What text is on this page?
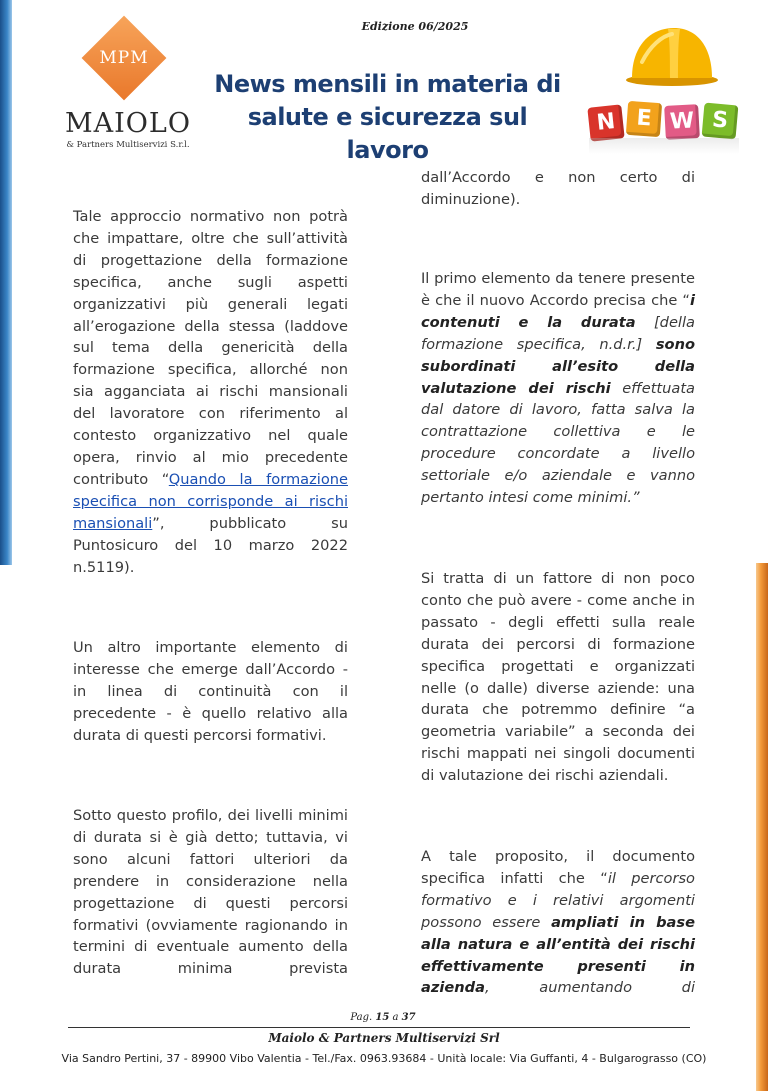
Edizione 06/2025
MPM
MAIOLO
& Partners Multiservizi S.r.l.
News mensili in materia di
salute e sicurezza sul lavoro
N E W S

Tale approccio normativo non potrà che impattare, oltre che sull’attività di progettazione della formazione specifica, anche sugli aspetti organizzativi più generali legati all’erogazione della stessa (laddove sul tema della genericità della formazione specifica, allorché non sia agganciata ai rischi mansionali del lavoratore con riferimento al contesto organizzativo nel quale opera, rinvio al mio precedente contributo “Quando la formazione specifica non corrisponde ai rischi mansionali”, pubblicato su Puntosicuro del 10 marzo 2022 n.5119).

Un altro importante elemento di interesse che emerge dall’Accordo - in linea di continuità con il precedente - è quello relativo alla durata di questi percorsi formativi.

Sotto questo profilo, dei livelli minimi di durata si è già detto; tuttavia, vi sono alcuni fattori ulteriori da prendere in considerazione nella progettazione di questi percorsi formativi (ovviamente ragionando in termini di eventuale aumento della durata minima prevista

dall’Accordo e non certo di diminuzione).

Il primo elemento da tenere presente è che il nuovo Accordo precisa che “i contenuti e la durata [della formazione specifica, n.d.r.] sono subordinati all’esito della valutazione dei rischi effettuata dal datore di lavoro, fatta salva la contrattazione collettiva e le procedure concordate a livello settoriale e/o aziendale e vanno pertanto intesi come minimi.”

Si tratta di un fattore di non poco conto che può avere - come anche in passato - degli effetti sulla reale durata dei percorsi di formazione specifica progettati e organizzati nelle (o dalle) diverse aziende: una durata che potremmo definire “a geometria variabile” a seconda dei rischi mappati nei singoli documenti di valutazione dei rischi aziendali.

A tale proposito, il documento specifica infatti che “il percorso formativo e i relativi argomenti possono essere ampliati in base alla natura e all’entità dei rischi effettivamente presenti in azienda, aumentando di

Pag. 15 a 37
Maiolo & Partners Multiservizi Srl
Via Sandro Pertini, 37 - 89900 Vibo Valentia - Tel./Fax. 0963.93684 - Unità locale: Via Guffanti, 4 - Bulgarograsso (CO)
